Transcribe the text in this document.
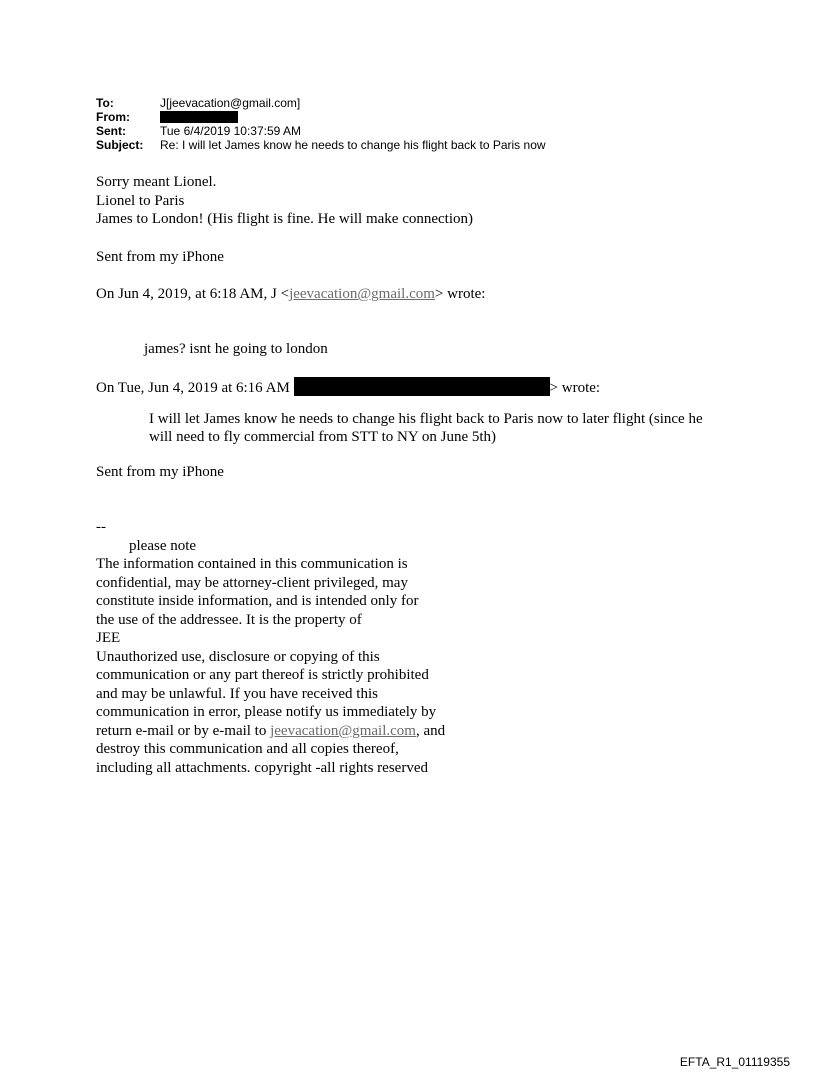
To:	J[jeevacation@gmail.com]
From:
Sent:	Tue 6/4/2019 10:37:59 AM
Subject:	Re: I will let James know he needs to change his flight back to Paris now
Sorry meant Lionel.
Lionel to Paris
James to London! (His flight is fine. He will make connection)
Sent from my iPhone
On Jun 4, 2019, at 6:18 AM, J <jeevacation@gmail.com> wrote:
james? isnt he going to london
On Tue, Jun 4, 2019 at 6:16 AM	> wrote:
I will let James know he needs to change his flight back to Paris now to later flight (since he will need to fly commercial from STT to NY on June 5th)
Sent from my iPhone
--
please note
The information contained in this communication is
confidential, may be attorney-client privileged, may
constitute inside information, and is intended only for
the use of the addressee. It is the property of
JEE
Unauthorized use, disclosure or copying of this
communication or any part thereof is strictly prohibited
and may be unlawful. If you have received this
communication in error, please notify us immediately by
return e-mail or by e-mail to jeevacation@gmail.com, and
destroy this communication and all copies thereof,
including all attachments. copyright -all rights reserved
EFTA_R1_01119355
